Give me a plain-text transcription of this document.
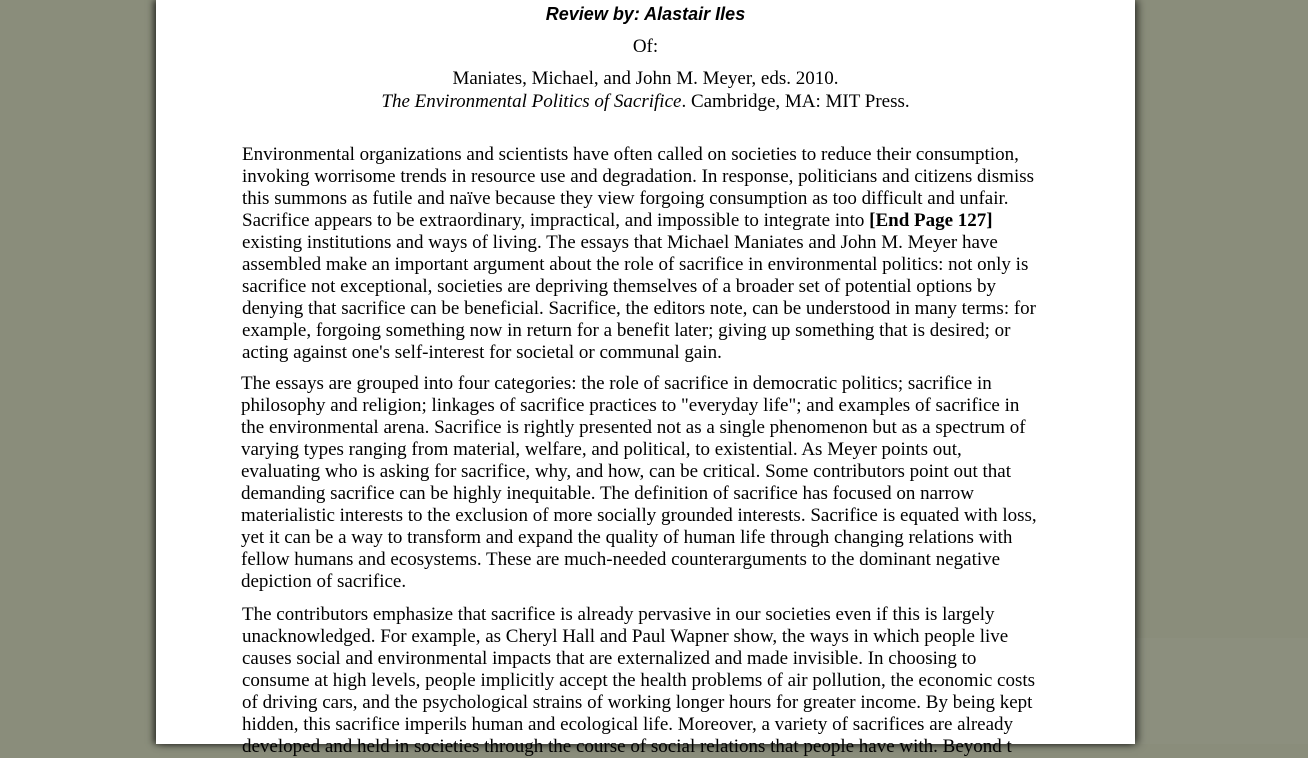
Review by: Alastair Iles
Of:
Maniates, Michael, and John M. Meyer, eds. 2010.
The Environmental Politics of Sacrifice. Cambridge, MA: MIT Press.
Environmental organizations and scientists have often called on societies to reduce their consumption,
invoking worrisome trends in resource use and degradation. In response, politicians and citizens dismiss
this summons as futile and naïve because they view forgoing consumption as too difficult and unfair.
Sacrifice appears to be extraordinary, impractical, and impossible to integrate into [End Page 127]
existing institutions and ways of living. The essays that Michael Maniates and John M. Meyer have
assembled make an important argument about the role of sacrifice in environmental politics: not only is
sacrifice not exceptional, societies are depriving themselves of a broader set of potential options by
denying that sacrifice can be beneficial. Sacrifice, the editors note, can be understood in many terms: for
example, forgoing something now in return for a benefit later; giving up something that is desired; or
acting against one's self-interest for societal or communal gain.
The essays are grouped into four categories: the role of sacrifice in democratic politics; sacrifice in
philosophy and religion; linkages of sacrifice practices to "everyday life"; and examples of sacrifice in
the environmental arena. Sacrifice is rightly presented not as a single phenomenon but as a spectrum of
varying types ranging from material, welfare, and political, to existential. As Meyer points out,
evaluating who is asking for sacrifice, why, and how, can be critical. Some contributors point out that
demanding sacrifice can be highly inequitable. The definition of sacrifice has focused on narrow
materialistic interests to the exclusion of more socially grounded interests. Sacrifice is equated with loss,
yet it can be a way to transform and expand the quality of human life through changing relations with
fellow humans and ecosystems. These are much-needed counterarguments to the dominant negative
depiction of sacrifice.
The contributors emphasize that sacrifice is already pervasive in our societies even if this is largely
unacknowledged. For example, as Cheryl Hall and Paul Wapner show, the ways in which people live
causes social and environmental impacts that are externalized and made invisible. In choosing to
consume at high levels, people implicitly accept the health problems of air pollution, the economic costs
of driving cars, and the psychological strains of working longer hours for greater income. By being kept
hidden, this sacrifice imperils human and ecological life. Moreover, a variety of sacrifices are already
developed and held in societies through the course of social relations that people have with. Beyond t
